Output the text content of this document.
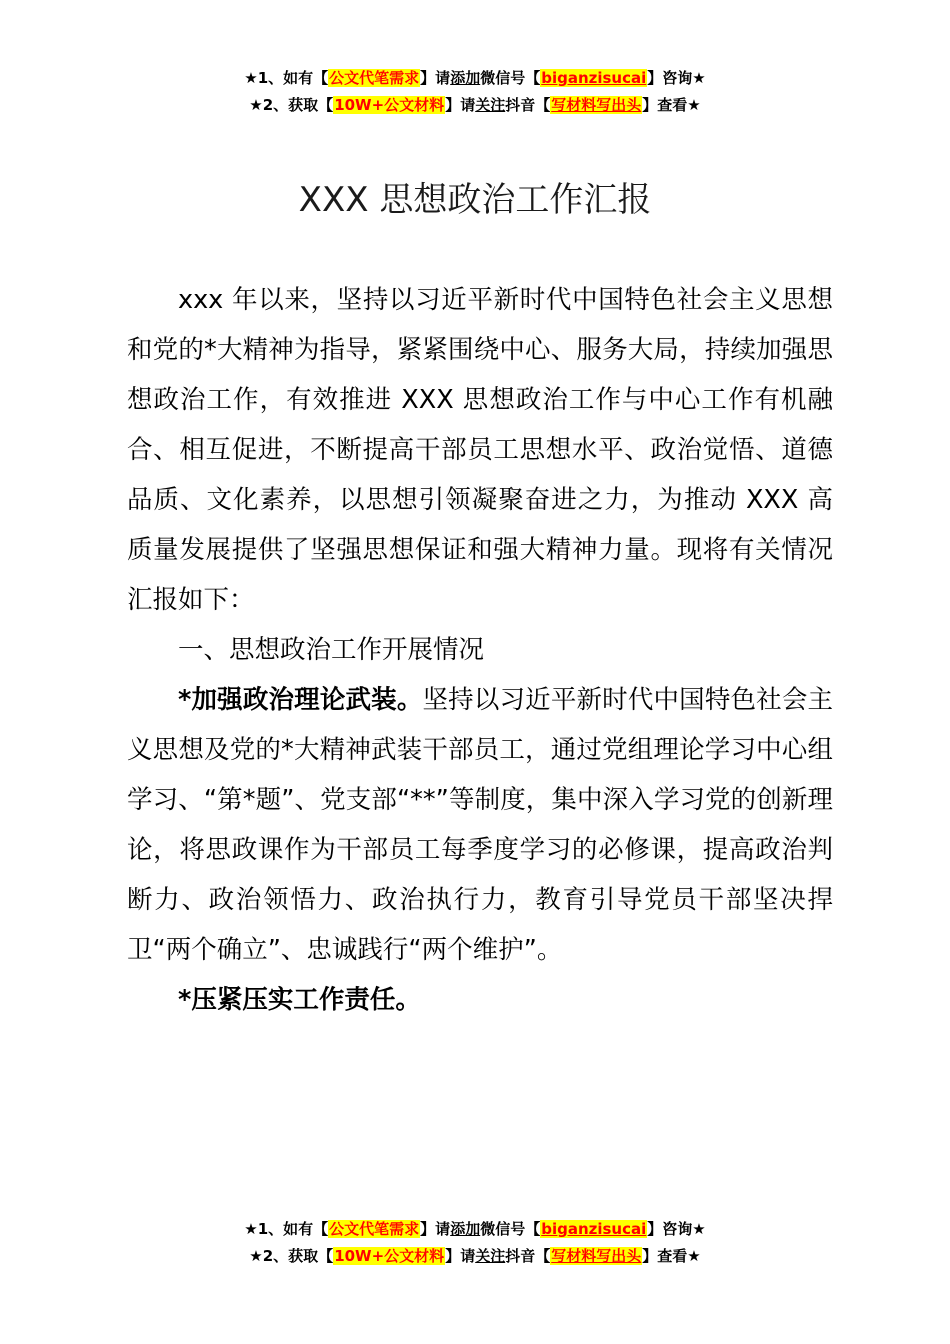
★1、如有【公文代笔需求】请添加微信号【biganzisucai】咨询★
★2、获取【10W+公文材料】请关注抖音【写材料写出头】查看★
XXX 思想政治工作汇报

xxx 年以来，坚持以习近平新时代中国特色社会主义思想和党的*大精神为指导，紧紧围绕中心、服务大局，持续加强思想政治工作，有效推进 XXX 思想政治工作与中心工作有机融合、相互促进，不断提高干部员工思想水平、政治觉悟、道德品质、文化素养，以思想引领凝聚奋进之力，为推动 XXX 高质量发展提供了坚强思想保证和强大精神力量。现将有关情况汇报如下：

一、思想政治工作开展情况

*加强政治理论武装。坚持以习近平新时代中国特色社会主义思想及党的*大精神武装干部员工，通过党组理论学习中心组学习、“第*题”、党支部“**”等制度，集中深入学习党的创新理论，将思政课作为干部员工每季度学习的必修课，提高政治判断力、政治领悟力、政治执行力，教育引导党员干部坚决捍卫“两个确立”、忠诚践行“两个维护”。

*压紧压实工作责任。

★1、如有【公文代笔需求】请添加微信号【biganzisucai】咨询★
★2、获取【10W+公文材料】请关注抖音【写材料写出头】查看★
